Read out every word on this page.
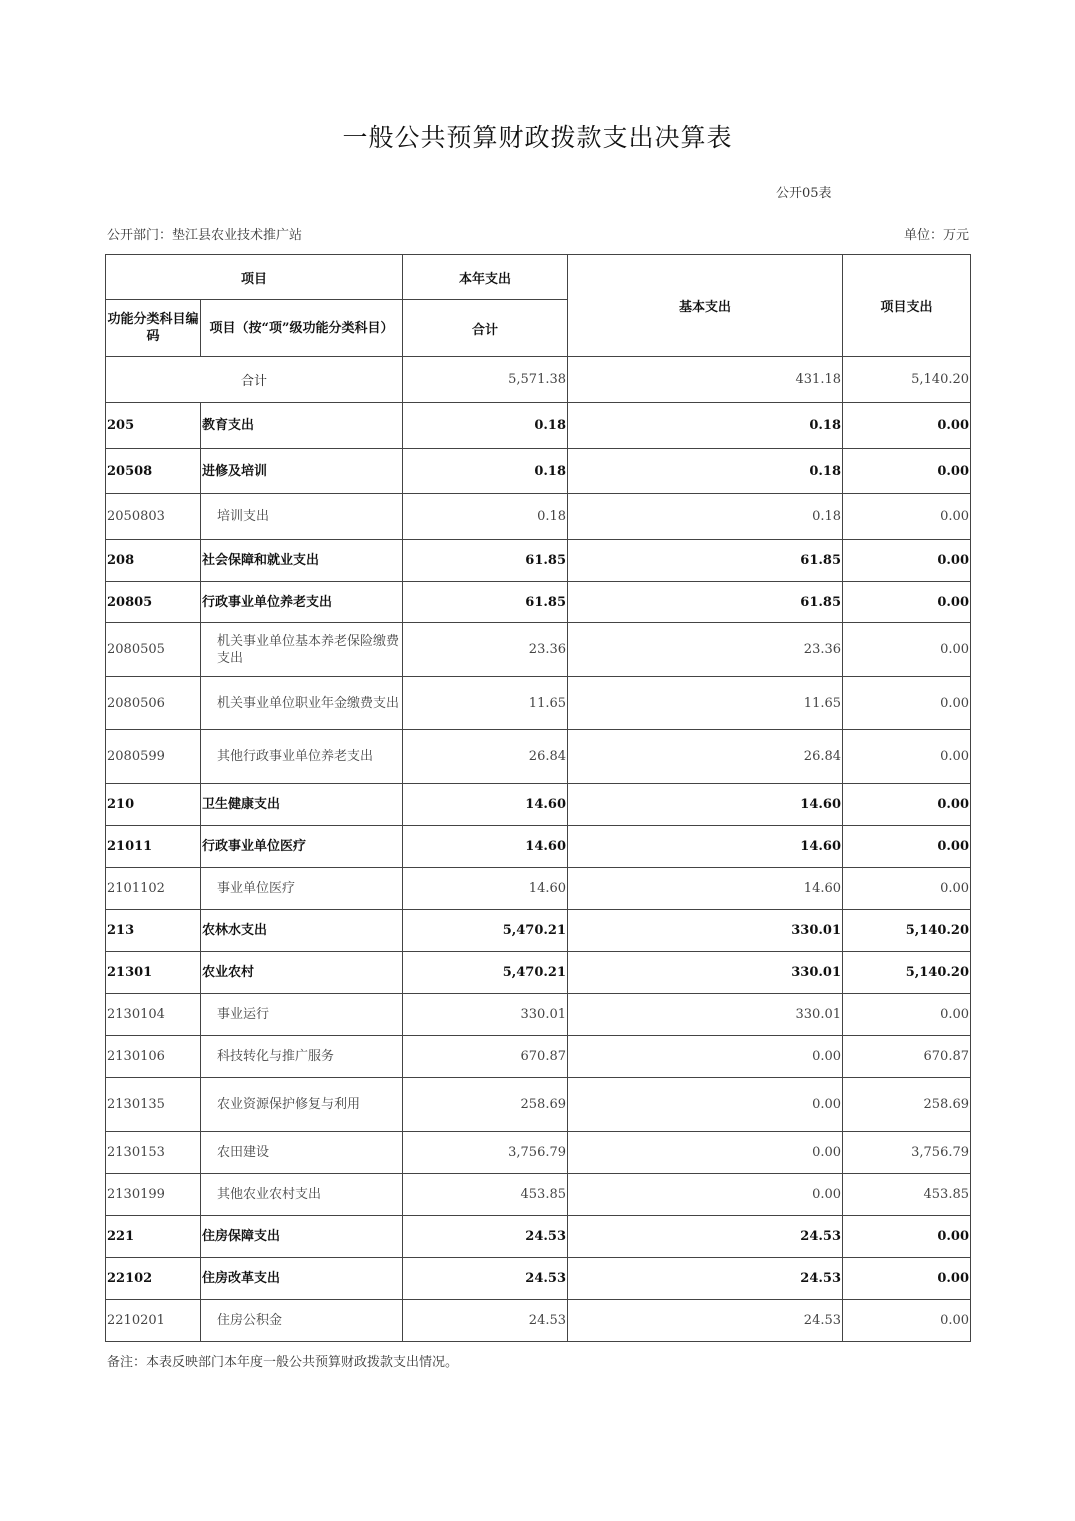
一般公共预算财政拨款支出决算表
公开05表
公开部门：垫江县农业技术推广站	单位：万元
项目		本年支出	基本支出	项目支出
功能分类科目编码	项目（按“项”级功能分类科目）	合计		
合计		5,571.38	431.18	5,140.20
205	教育支出	0.18	0.18	0.00
20508	进修及培训	0.18	0.18	0.00
2050803	培训支出	0.18	0.18	0.00
208	社会保障和就业支出	61.85	61.85	0.00
20805	行政事业单位养老支出	61.85	61.85	0.00
2080505	机关事业单位基本养老保险缴费支出	23.36	23.36	0.00
2080506	机关事业单位职业年金缴费支出	11.65	11.65	0.00
2080599	其他行政事业单位养老支出	26.84	26.84	0.00
210	卫生健康支出	14.60	14.60	0.00
21011	行政事业单位医疗	14.60	14.60	0.00
2101102	事业单位医疗	14.60	14.60	0.00
213	农林水支出	5,470.21	330.01	5,140.20
21301	农业农村	5,470.21	330.01	5,140.20
2130104	事业运行	330.01	330.01	0.00
2130106	科技转化与推广服务	670.87	0.00	670.87
2130135	农业资源保护修复与利用	258.69	0.00	258.69
2130153	农田建设	3,756.79	0.00	3,756.79
2130199	其他农业农村支出	453.85	0.00	453.85
221	住房保障支出	24.53	24.53	0.00
22102	住房改革支出	24.53	24.53	0.00
2210201	住房公积金	24.53	24.53	0.00
备注：本表反映部门本年度一般公共预算财政拨款支出情况。
